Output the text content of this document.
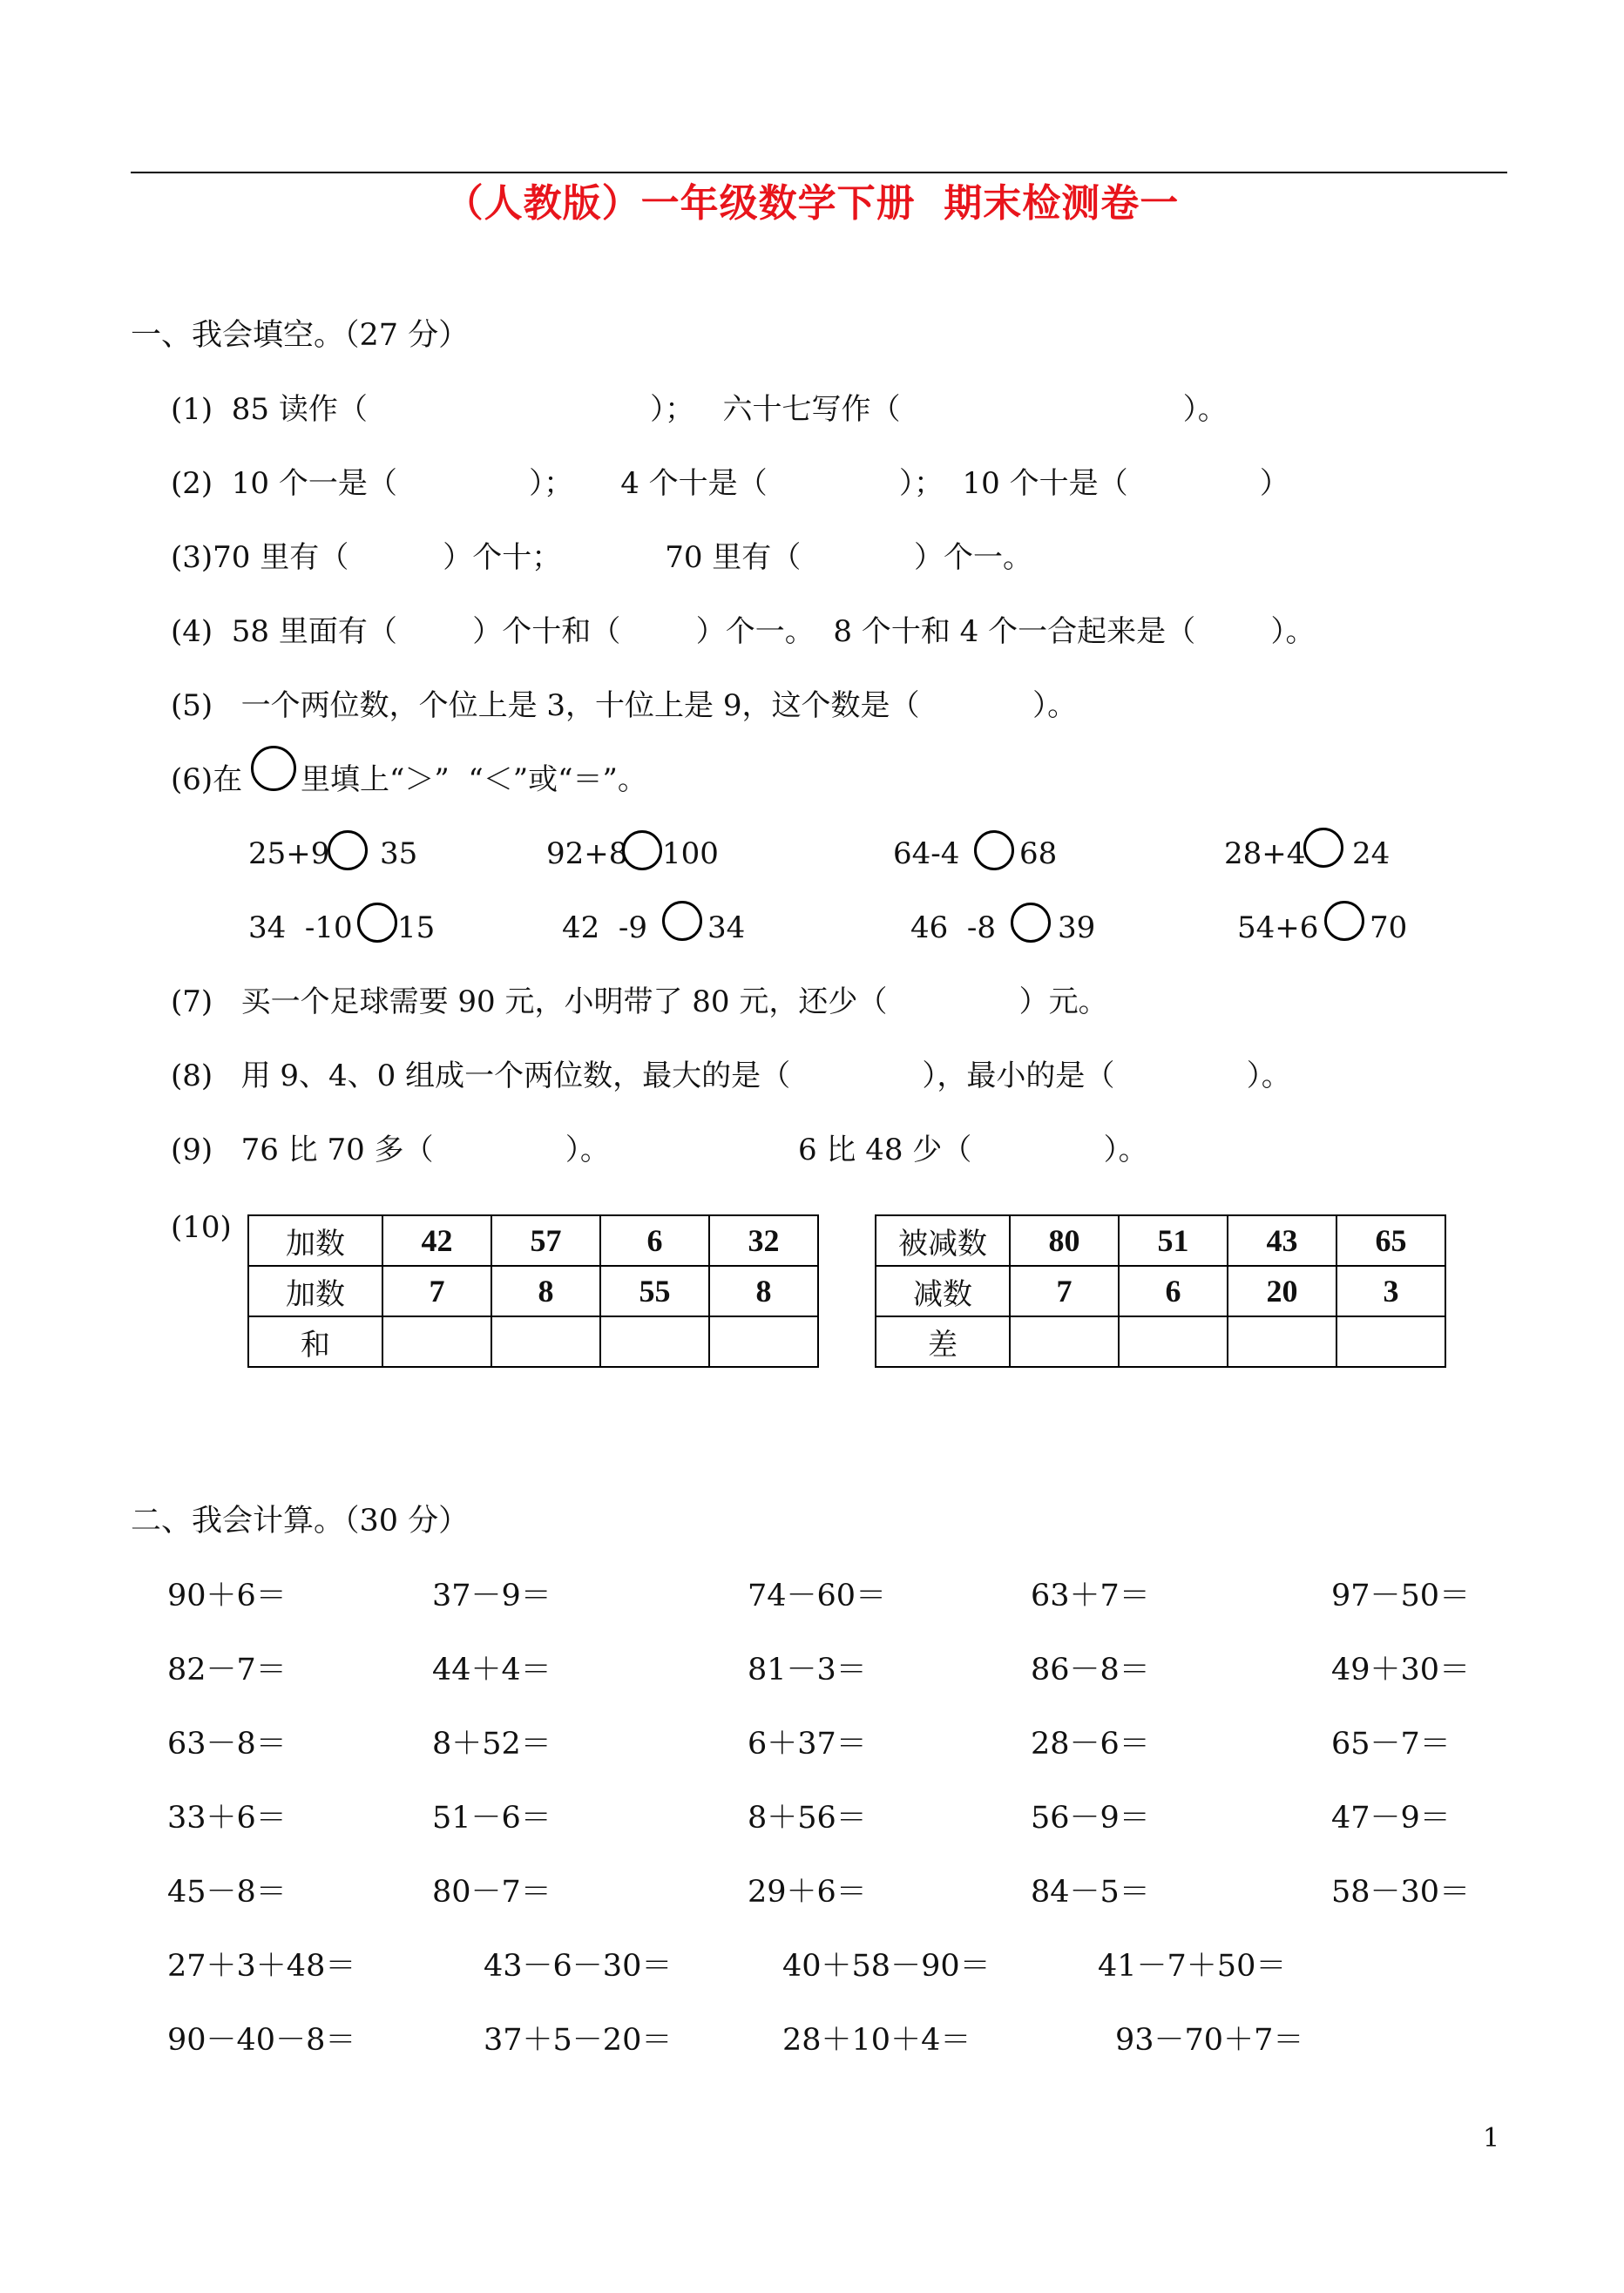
（人教版）一年级数学下册  期末检测卷一
一、我会填空。（27 分）
(1)  85 读作（                              ）；   六十七写作（                              ）。
(2)  10 个一是（              ）；     4 个十是（              ）；  10 个十是（              ）
(3)70 里有（          ）个十；           70 里有（            ）个一。
(4)  58 里面有（        ）个十和（        ）个一。  8 个十和 4 个一合起来是（        ）。
(5)   一个两位数，个位上是 3，十位上是 9，这个数是（            ）。
(6)在 里填上“＞”  “＜”或“＝”。
25+9 35	92+8 100	64-4 68	28+4 24
34  -10 15	42  -9 34	46  -8 39	54+6 70
(7)   买一个足球需要 90 元，小明带了 80 元，还少（              ）元。
(8)   用 9、4、0 组成一个两位数，最大的是（              ），最小的是（              ）。
(9)   76 比 70 多（              ）。                    6 比 48 少（              ）。
(10) 加数	42	57	6	32
加数	7	8	55	8
和				
被减数	80	51	43	65
减数	7	6	20	3
差				
二、我会计算。（30 分）
90＋6＝	37－9＝	74－60＝	63＋7＝	97－50＝
82－7＝	44＋4＝	81－3＝	86－8＝	49＋30＝
63－8＝	8＋52＝	6＋37＝	28－6＝	65－7＝
33＋6＝	51－6＝	8＋56＝	56－9＝	47－9＝
45－8＝	80－7＝	29＋6＝	84－5＝	58－30＝
27＋3＋48＝	43－6－30＝	40＋58－90＝	41－7＋50＝
90－40－8＝	37＋5－20＝	28＋10＋4＝	93－70＋7＝
1
